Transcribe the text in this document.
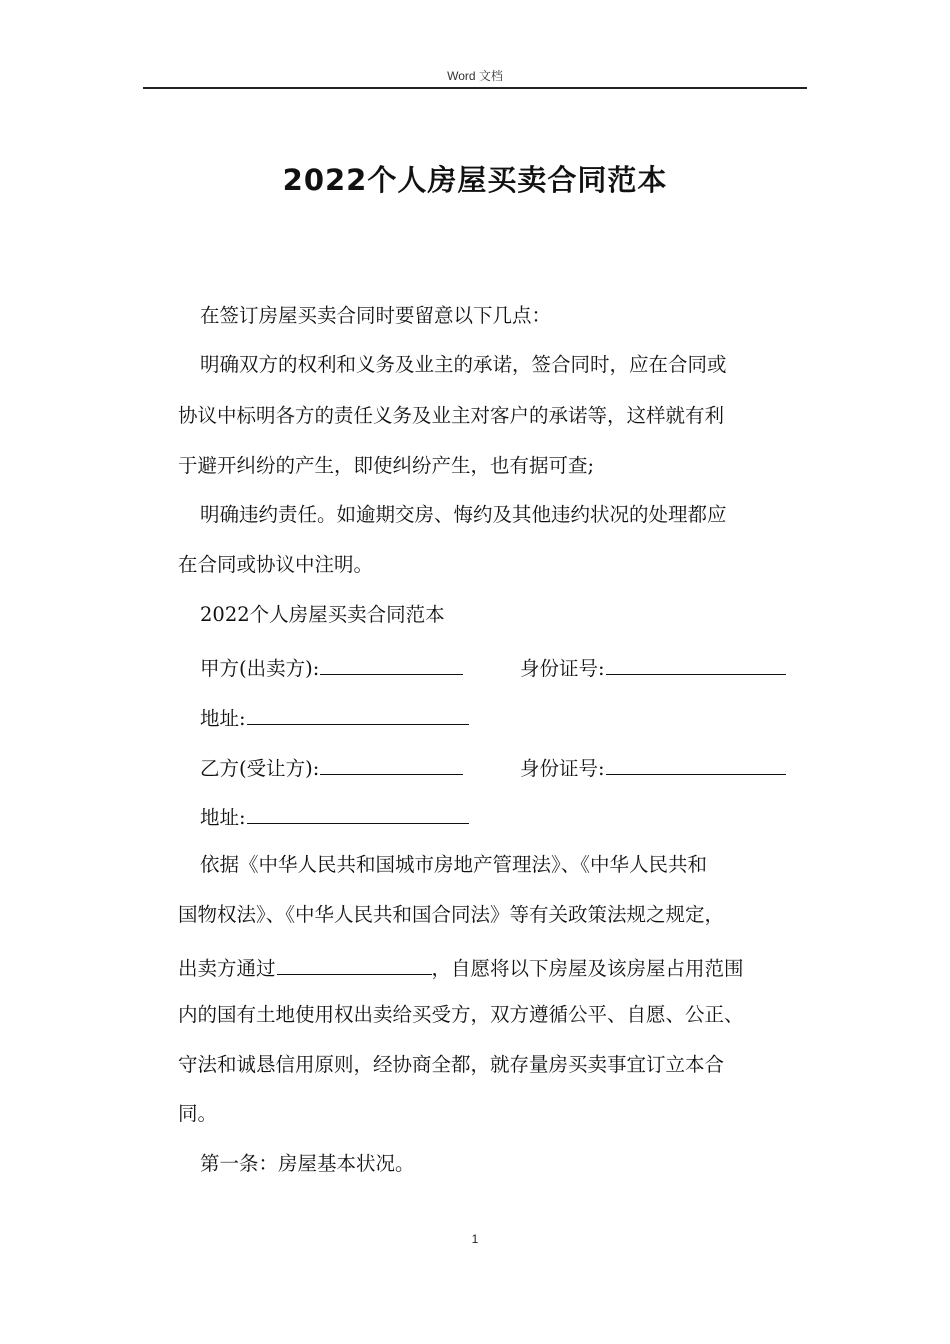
Word 文档
2022个人房屋买卖合同范本
在签订房屋买卖合同时要留意以下几点：
明确双方的权利和义务及业主的承诺，签合同时，应在合同或
协议中标明各方的责任义务及业主对客户的承诺等，这样就有利
于避开纠纷的产生，即使纠纷产生，也有据可查;
明确违约责任。如逾期交房、悔约及其他违约状况的处理都应
在合同或协议中注明。
2022个人房屋买卖合同范本
甲方(出卖方):	身份证号:
地址:
乙方(受让方):	身份证号:
地址:
依据《中华人民共和国城市房地产管理法》、《中华人民共和
国物权法》、《中华人民共和国合同法》等有关政策法规之规定，
出卖方通过	，自愿将以下房屋及该房屋占用范围
内的国有土地使用权出卖给买受方，双方遵循公平、自愿、公正、
守法和诚恳信用原则，经协商全都，就存量房买卖事宜订立本合
同。
第一条：房屋基本状况。
1
